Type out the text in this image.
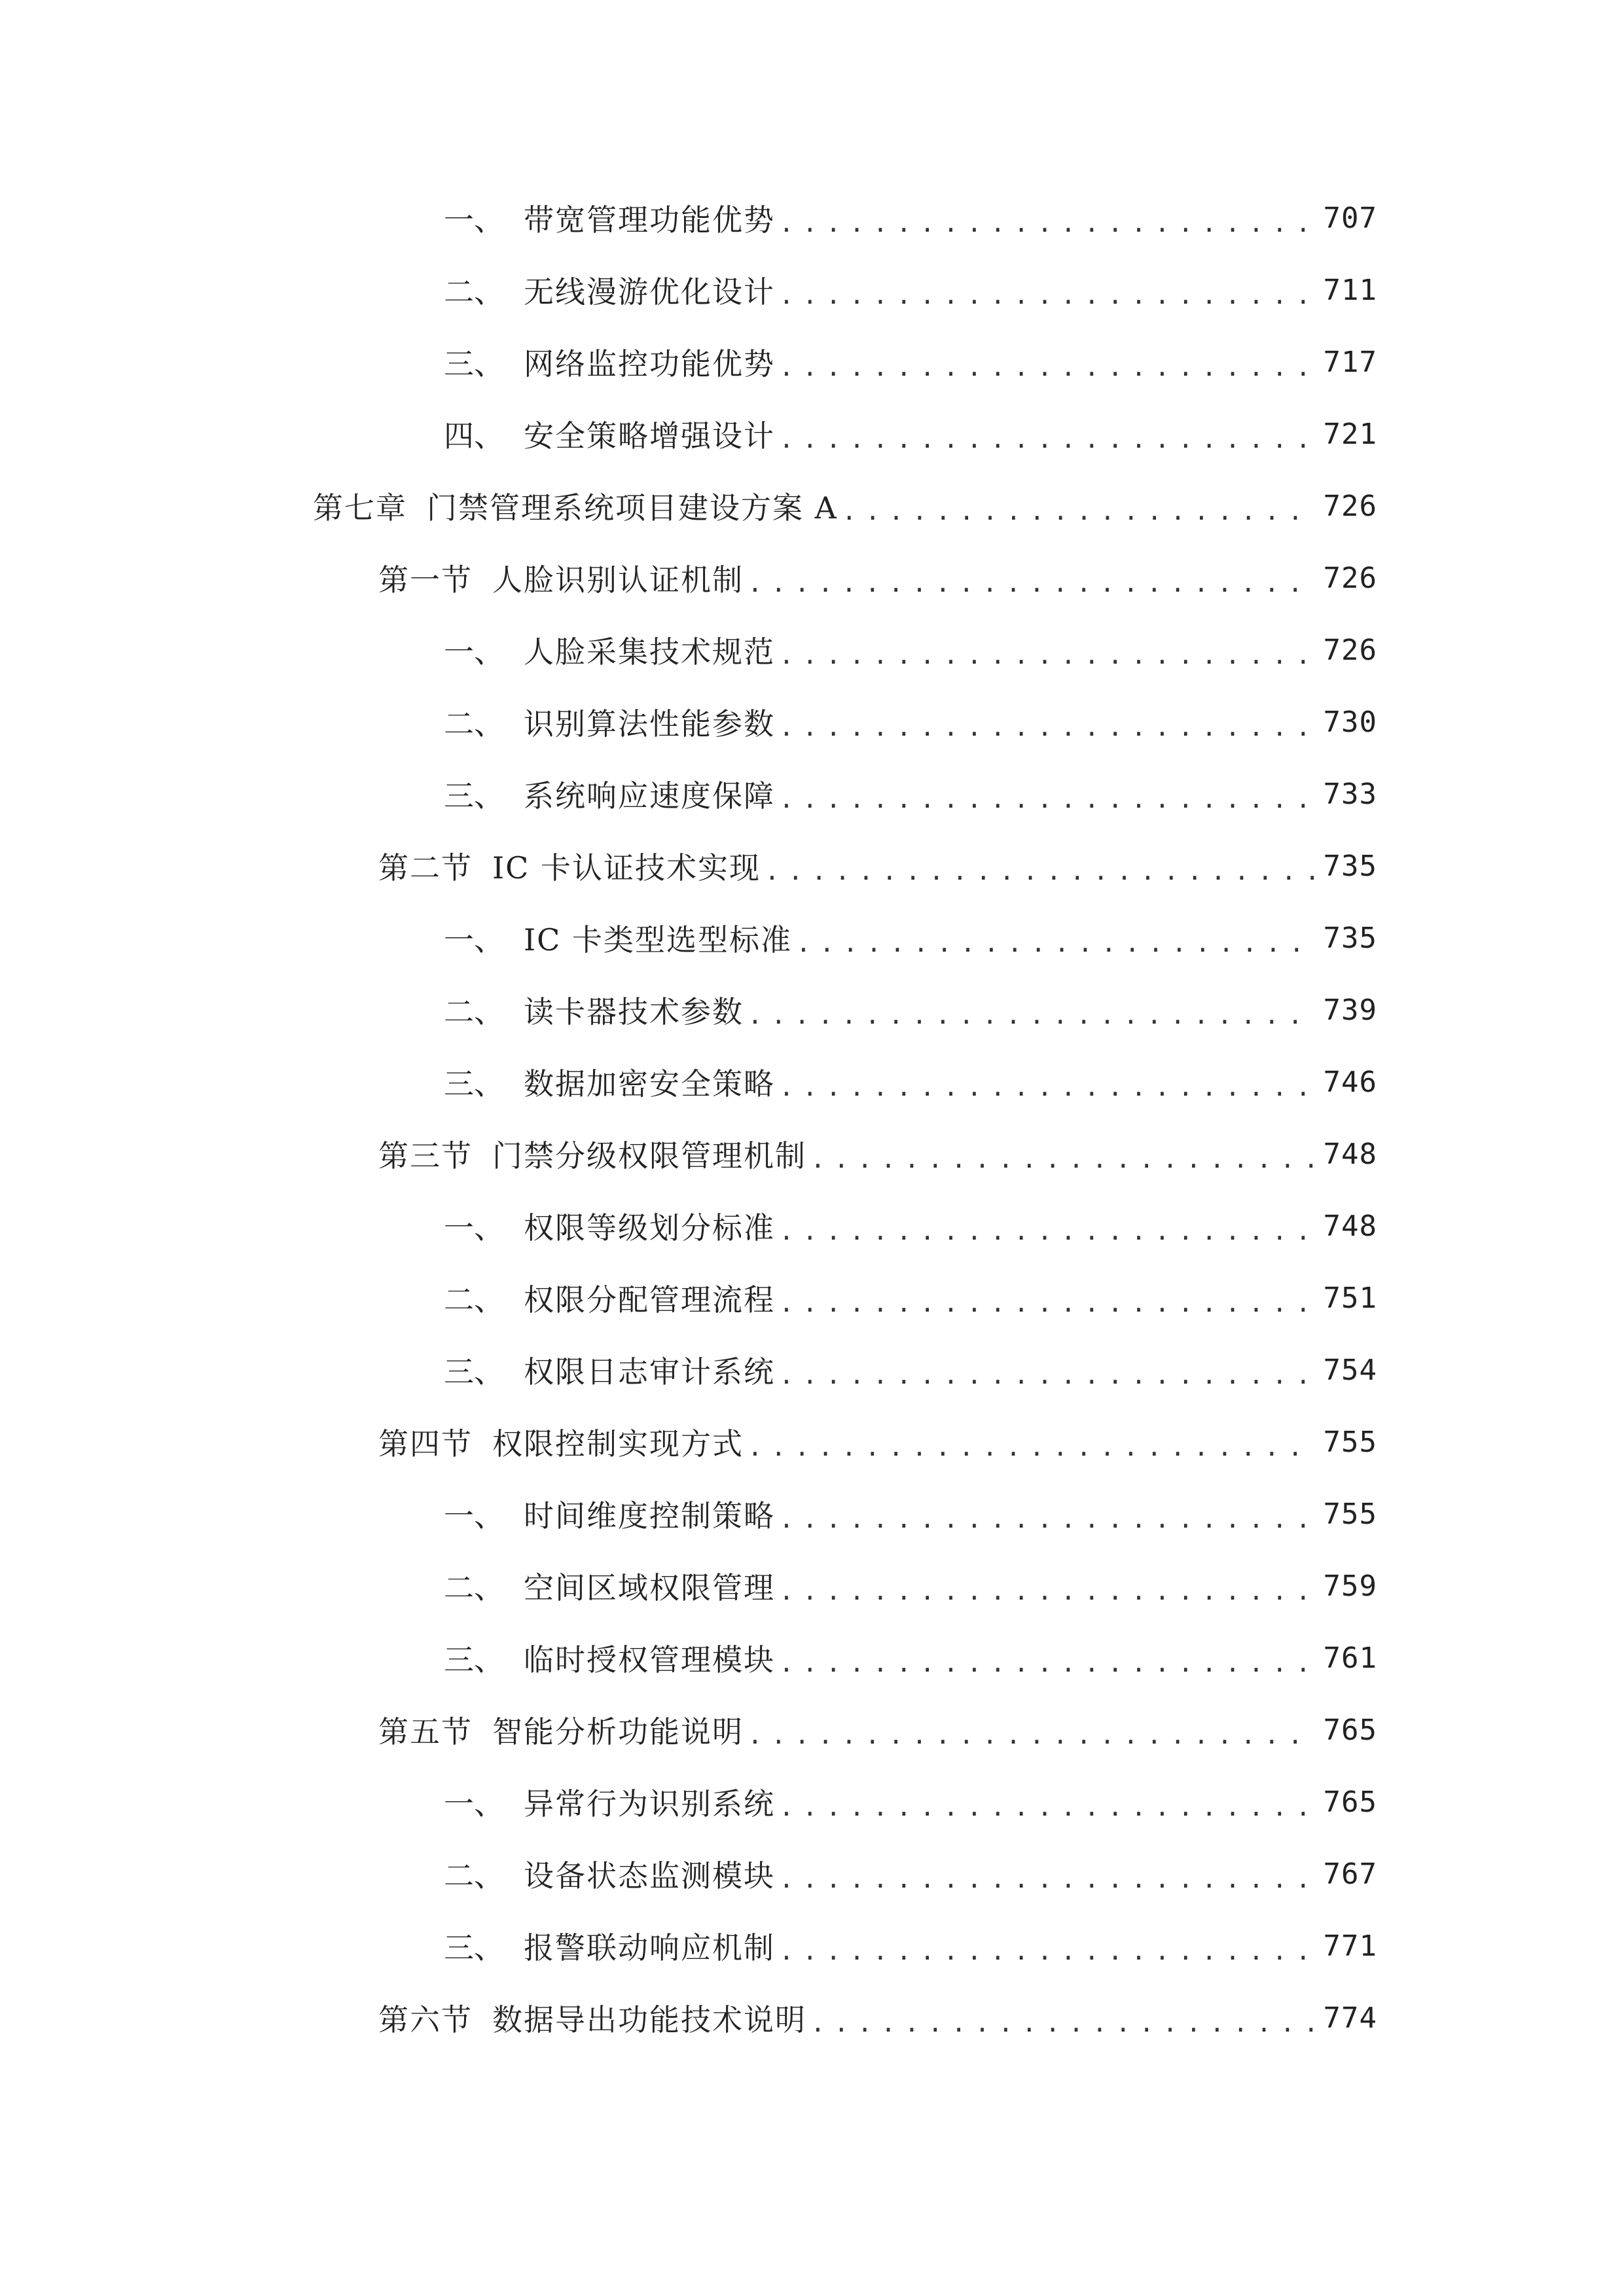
一、 带宽管理功能优势 .....	707
二、 无线漫游优化设计 .....	711
三、 网络监控功能优势 .....	717
四、 安全策略增强设计 .....	721
第七章 门禁管理系统项目建设方案 A .....	726
第一节 人脸识别认证机制 .....	726
一、 人脸采集技术规范 .....	726
二、 识别算法性能参数 .....	730
三、 系统响应速度保障 .....	733
第二节 IC 卡认证技术实现 .....	735
一、 IC 卡类型选型标准 .....	735
二、 读卡器技术参数 .....	739
三、 数据加密安全策略 .....	746
第三节 门禁分级权限管理机制 .....	748
一、 权限等级划分标准 .....	748
二、 权限分配管理流程 .....	751
三、 权限日志审计系统 .....	754
第四节 权限控制实现方式 .....	755
一、 时间维度控制策略 .....	755
二、 空间区域权限管理 .....	759
三、 临时授权管理模块 .....	761
第五节 智能分析功能说明 .....	765
一、 异常行为识别系统 .....	765
二、 设备状态监测模块 .....	767
三、 报警联动响应机制 .....	771
第六节 数据导出功能技术说明 .....	774
